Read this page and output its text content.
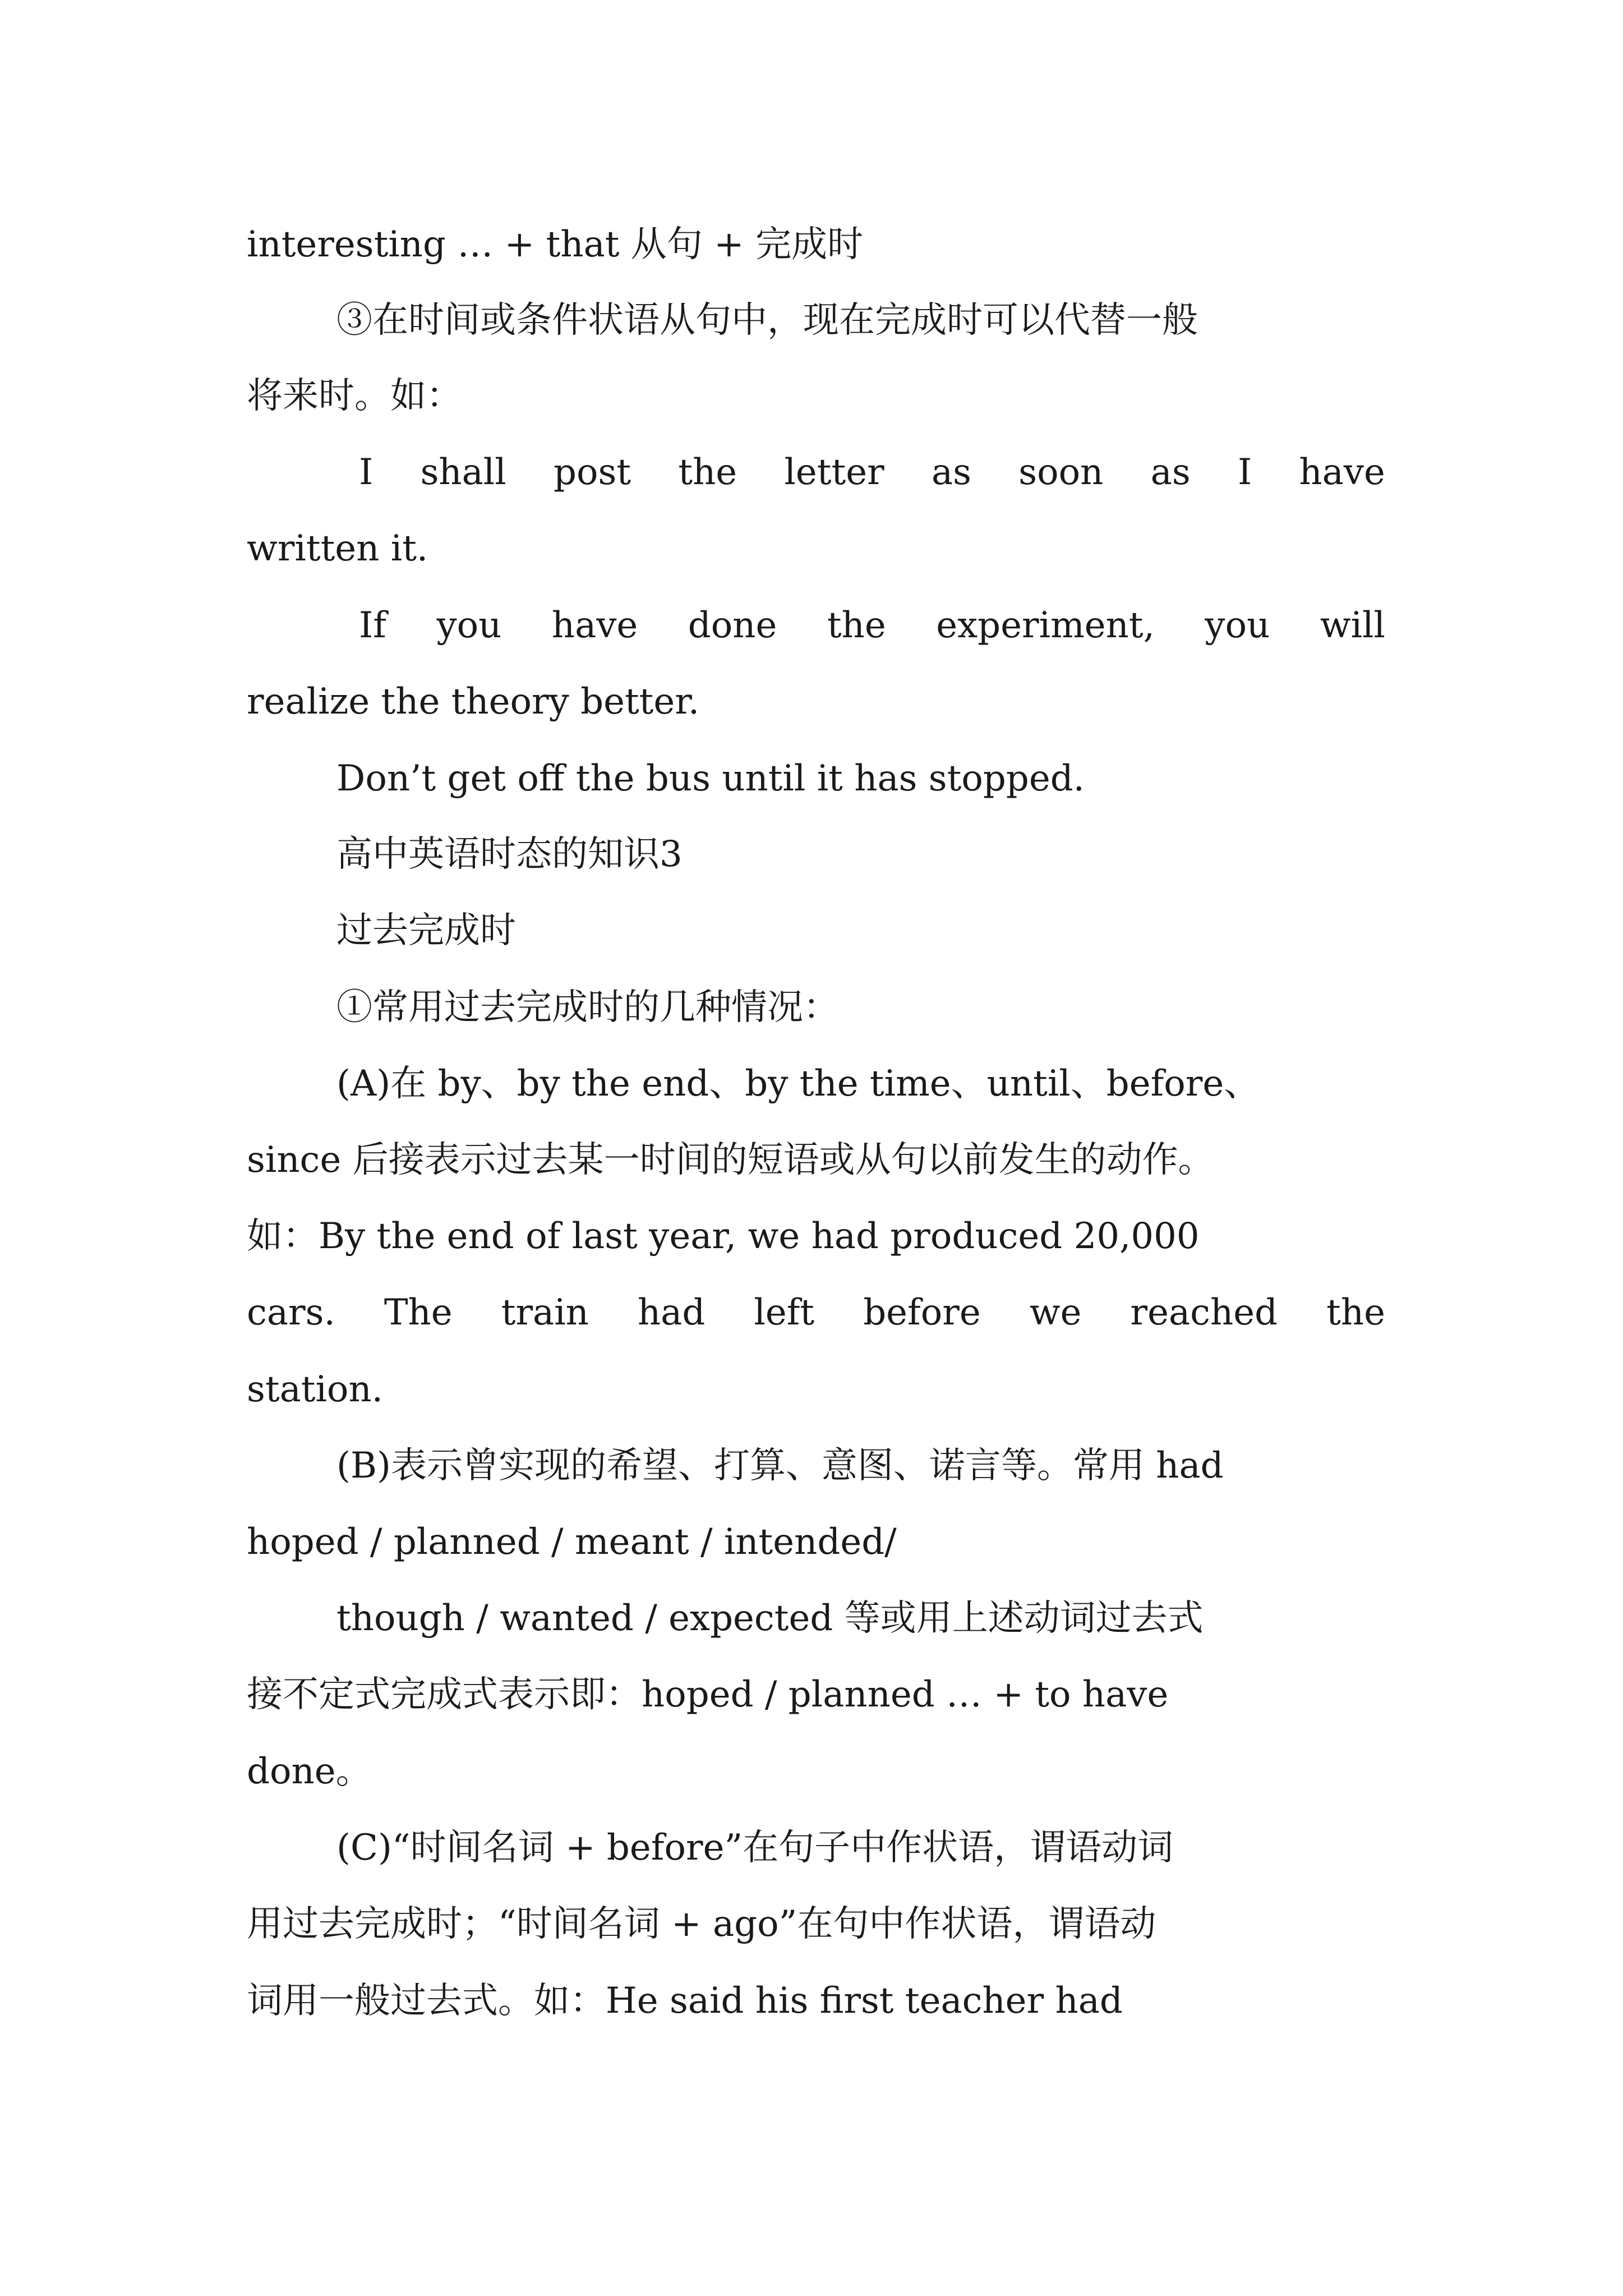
interesting … + that 从句 + 完成时

③在时间或条件状语从句中，现在完成时可以代替一般

将来时。如：

I shall post the letter as soon as I have

written it.

If you have done the experiment, you will

realize the theory better.

Don’t get off the bus until it has stopped.

高中英语时态的知识3

过去完成时

①常用过去完成时的几种情况：

(A)在 by、by the end、by the time、until、before、

since 后接表示过去某一时间的短语或从句以前发生的动作。

如：By the end of last year, we had produced 20,000

cars. The train had left before we reached the

station.

(B)表示曾实现的希望、打算、意图、诺言等。常用 had

hoped / planned / meant / intended/

though / wanted / expected 等或用上述动词过去式

接不定式完成式表示即：hoped / planned … + to have

done。

(C)“时间名词 + before”在句子中作状语，谓语动词

用过去完成时；“时间名词 + ago”在句中作状语，谓语动

词用一般过去式。如：He said his first teacher had
